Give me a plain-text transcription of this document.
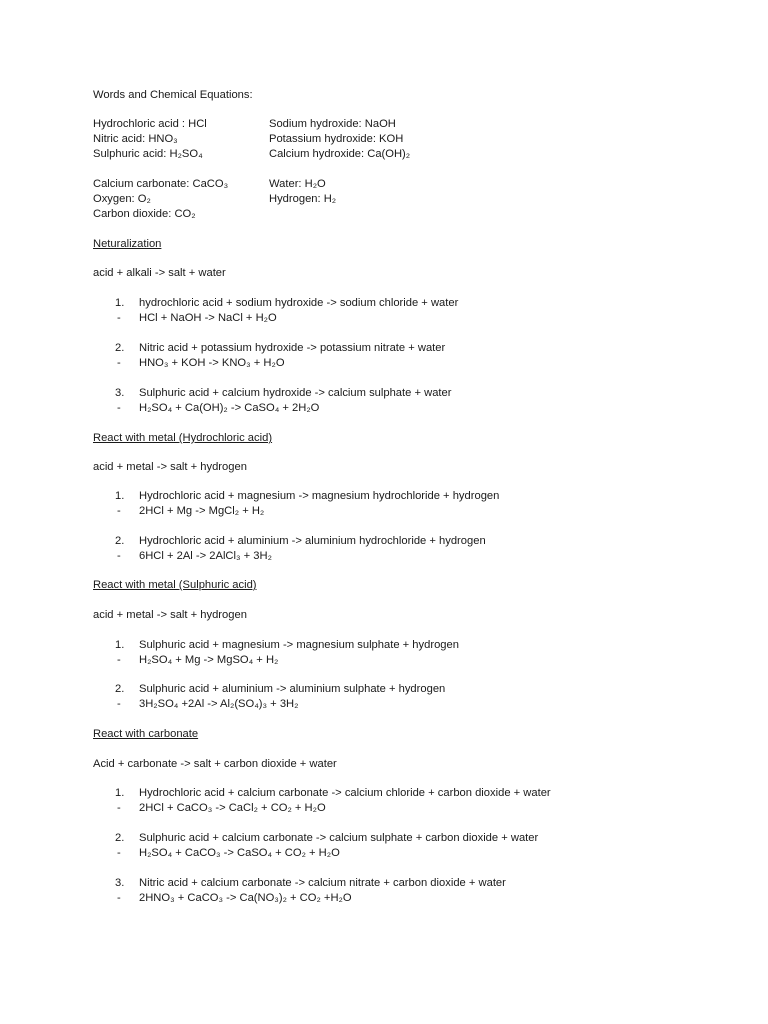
Words and Chemical Equations:
Hydrochloric acid : HCl
Nitric acid: HNO₃
Sulphuric acid: H₂SO₄
Calcium carbonate: CaCO₃
Oxygen: O₂
Carbon dioxide: CO₂
Sodium hydroxide: NaOH
Potassium hydroxide: KOH
Calcium hydroxide: Ca(OH)₂
Water: H₂O
Hydrogen: H₂
Neturalization
acid + alkali -> salt + water
1. hydrochloric acid + sodium hydroxide -> sodium chloride + water
- HCl + NaOH -> NaCl + H₂O
2. Nitric acid + potassium hydroxide -> potassium nitrate + water
- HNO₃ + KOH -> KNO₃ + H₂O
3. Sulphuric acid + calcium hydroxide -> calcium sulphate + water
- H₂SO₄ + Ca(OH)₂ -> CaSO₄ + 2H₂O
React with metal (Hydrochloric acid)
acid + metal -> salt + hydrogen
1. Hydrochloric acid + magnesium -> magnesium hydrochloride + hydrogen
- 2HCl + Mg -> MgCl₂ + H₂
2. Hydrochloric acid + aluminium -> aluminium hydrochloride + hydrogen
- 6HCl + 2Al -> 2AlCl₃ + 3H₂
React with metal (Sulphuric acid)
acid + metal -> salt + hydrogen
1. Sulphuric acid + magnesium -> magnesium sulphate + hydrogen
- H₂SO₄ + Mg -> MgSO₄ + H₂
2. Sulphuric acid + aluminium -> aluminium sulphate + hydrogen
- 3H₂SO₄ +2Al -> Al₂(SO₄)₃ + 3H₂
React with carbonate
Acid + carbonate -> salt + carbon dioxide + water
1. Hydrochloric acid + calcium carbonate -> calcium chloride + carbon dioxide + water
- 2HCl + CaCO₃ -> CaCl₂ + CO₂ + H₂O
2. Sulphuric acid + calcium carbonate -> calcium sulphate + carbon dioxide + water
- H₂SO₄ + CaCO₃ -> CaSO₄ + CO₂ + H₂O
3. Nitric acid + calcium carbonate -> calcium nitrate + carbon dioxide + water
- 2HNO₃ + CaCO₃ -> Ca(NO₃)₂ + CO₂ +H₂O
